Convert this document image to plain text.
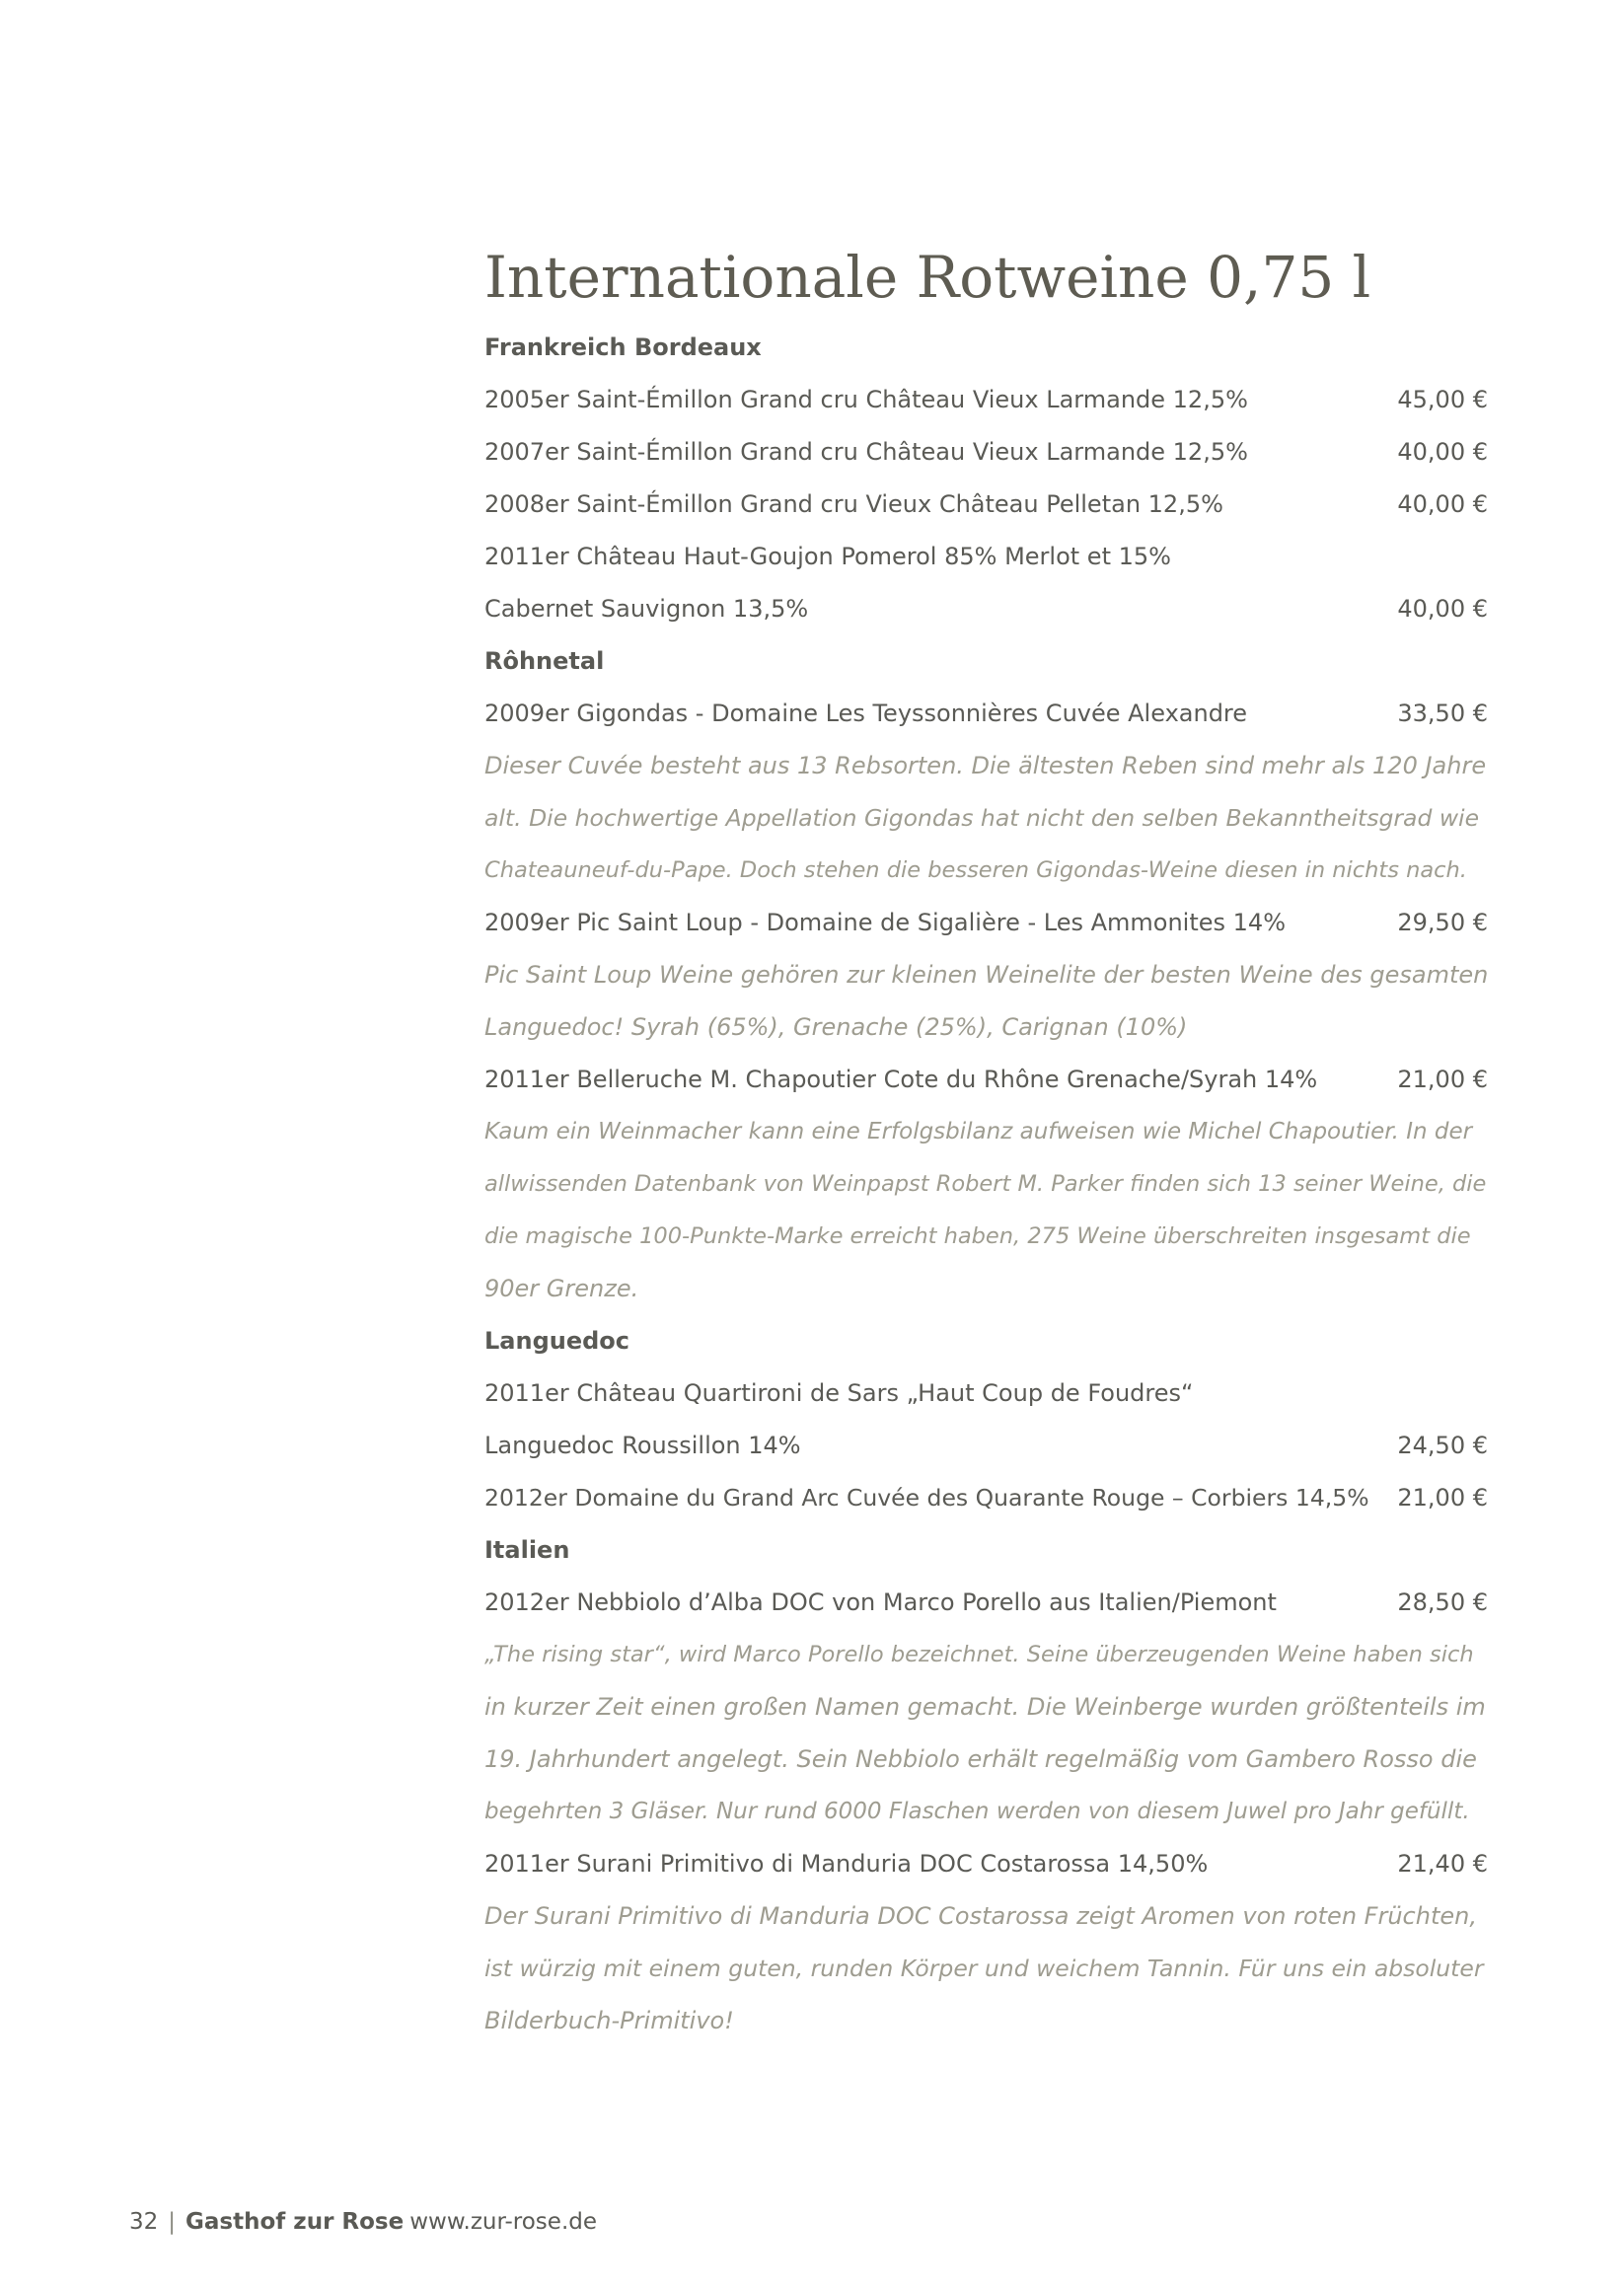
Internationale Rotweine 0,75 l
Frankreich Bordeaux
2005er Saint-Émillon Grand cru Château Vieux Larmande 12,5%	45,00 €
2007er Saint-Émillon Grand cru Château Vieux Larmande 12,5%	40,00 €
2008er Saint-Émillon Grand cru Vieux Château Pelletan 12,5%	40,00 €
2011er Château Haut-Goujon Pomerol 85% Merlot et 15%
Cabernet Sauvignon 13,5%	40,00 €
Rôhnetal
2009er Gigondas - Domaine Les Teyssonnières Cuvée Alexandre	33,50 €
Dieser Cuvée besteht aus 13 Rebsorten. Die ältesten Reben sind mehr als 120 Jahre
alt. Die hochwertige Appellation Gigondas hat nicht den selben Bekanntheitsgrad wie
Chateauneuf-du-Pape. Doch stehen die besseren Gigondas-Weine diesen in nichts nach.
2009er Pic Saint Loup - Domaine de Sigalière - Les Ammonites 14%	29,50 €
Pic Saint Loup Weine gehören zur kleinen Weinelite der besten Weine des gesamten
Languedoc! Syrah (65%), Grenache (25%), Carignan (10%)
2011er Belleruche M. Chapoutier Cote du Rhône Grenache/Syrah 14%	21,00 €
Kaum ein Weinmacher kann eine Erfolgsbilanz aufweisen wie Michel Chapoutier. In der
allwissenden Datenbank von Weinpapst Robert M. Parker finden sich 13 seiner Weine, die
die magische 100-Punkte-Marke erreicht haben, 275 Weine überschreiten insgesamt die
90er Grenze.
Languedoc
2011er Château Quartironi de Sars „Haut Coup de Foudres“
Languedoc Roussillon 14%	24,50 €
2012er Domaine du Grand Arc Cuvée des Quarante Rouge – Corbiers 14,5%	21,00 €
Italien
2012er Nebbiolo d’Alba DOC von Marco Porello aus Italien/Piemont	28,50 €
„The rising star“, wird Marco Porello bezeichnet. Seine überzeugenden Weine haben sich
in kurzer Zeit einen großen Namen gemacht. Die Weinberge wurden größtenteils im
19. Jahrhundert angelegt. Sein Nebbiolo erhält regelmäßig vom Gambero Rosso die
begehrten 3 Gläser. Nur rund 6000 Flaschen werden von diesem Juwel pro Jahr gefüllt.
2011er Surani Primitivo di Manduria DOC Costarossa 14,50%	21,40 €
Der Surani Primitivo di Manduria DOC Costarossa zeigt Aromen von roten Früchten,
ist würzig mit einem guten, runden Körper und weichem Tannin. Für uns ein absoluter
Bilderbuch-Primitivo!
32 | Gasthof zur Rose www.zur-rose.de
